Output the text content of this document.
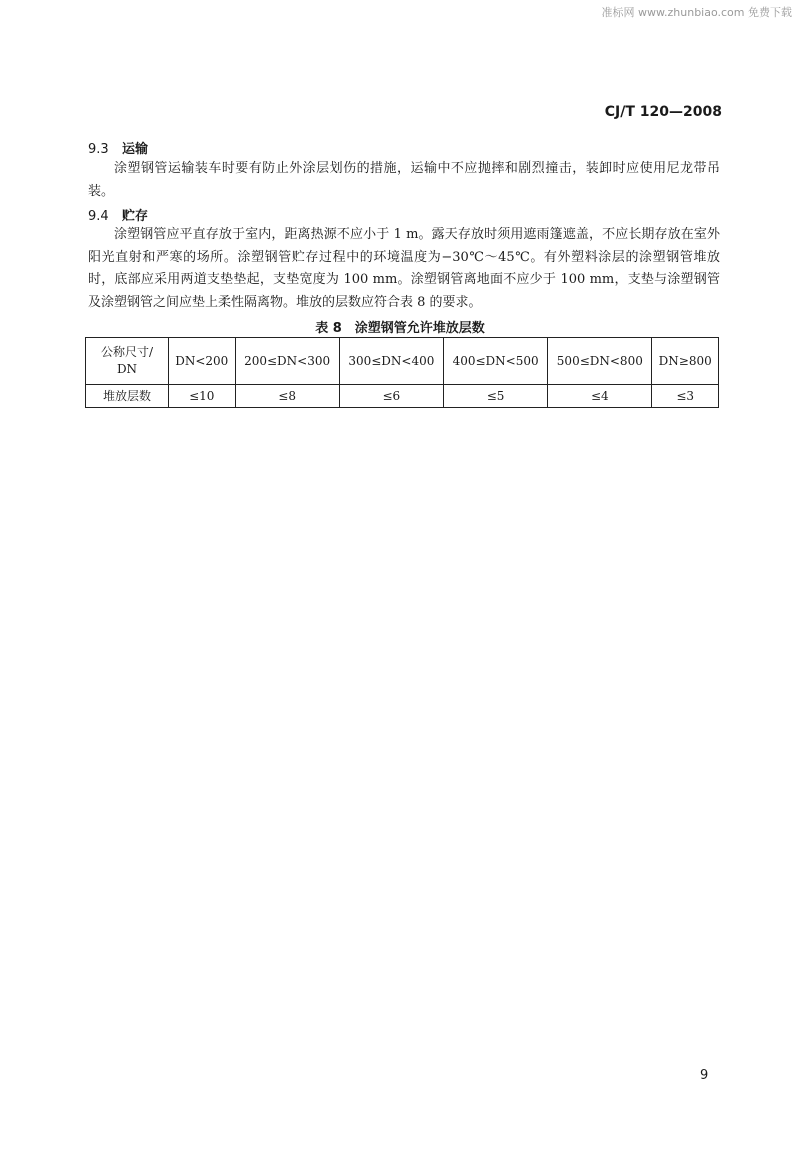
准标网 www.zhunbiao.com 免费下载
CJ/T 120—2008
9.3 运输

涂塑钢管运输装车时要有防止外涂层划伤的措施，运输中不应抛摔和剧烈撞击，装卸时应使用尼龙带吊装。

9.4 贮存

涂塑钢管应平直存放于室内，距离热源不应小于 1 m。露天存放时须用遮雨篷遮盖，不应长期存放在室外阳光直射和严寒的场所。涂塑钢管贮存过程中的环境温度为−30℃～45℃。有外塑料涂层的涂塑钢管堆放时，底部应采用两道支垫垫起，支垫宽度为 100 mm。涂塑钢管离地面不应少于 100 mm，支垫与涂塑钢管及涂塑钢管之间应垫上柔性隔离物。堆放的层数应符合表 8 的要求。

表 8　涂塑钢管允许堆放层数
公称尺寸/
DN	DN<200	200≤DN<300	300≤DN<400	400≤DN<500	500≤DN<800	DN≥800
堆放层数	≤10	≤8	≤6	≤5	≤4	≤3
9
